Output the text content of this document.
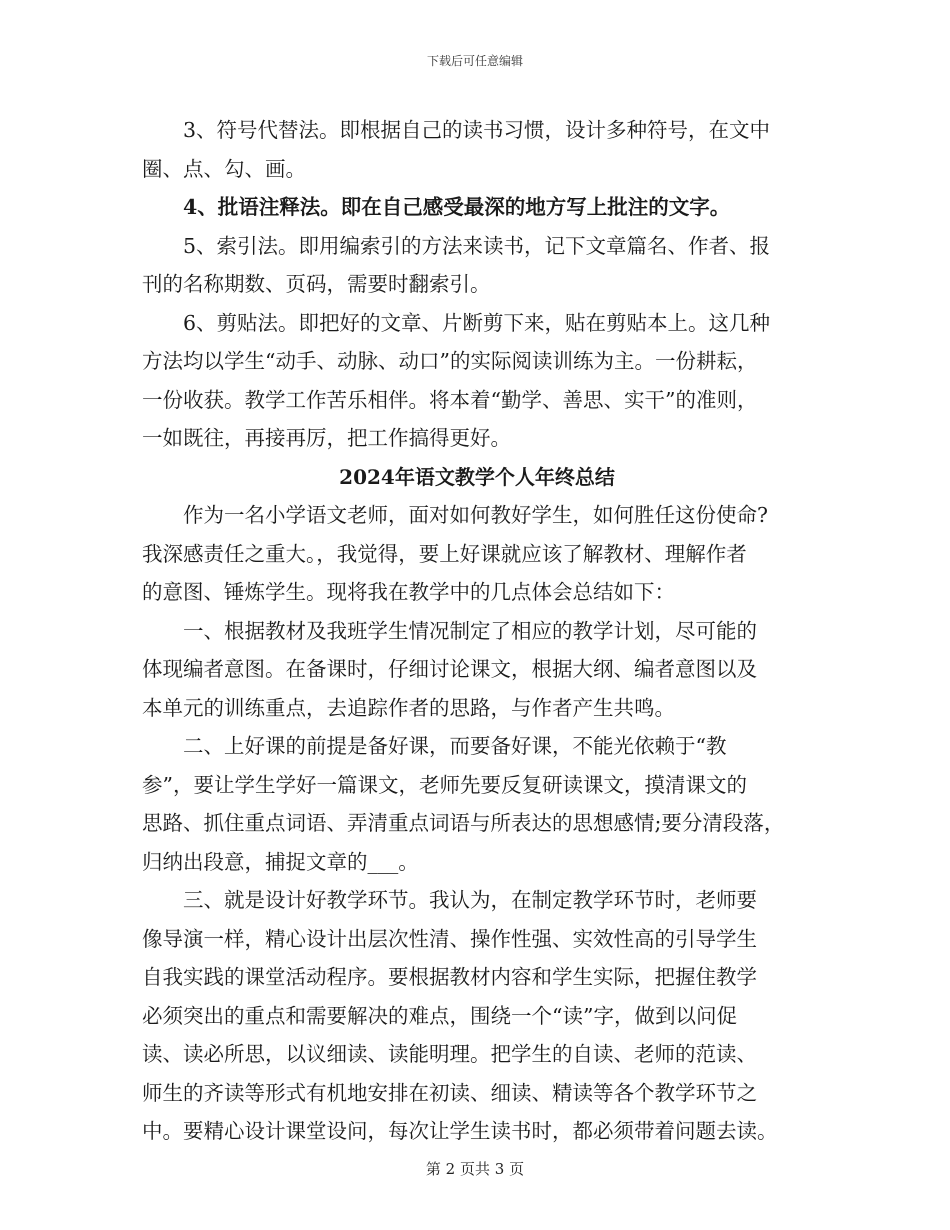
下载后可任意编辑

3、符号代替法。即根据自己的读书习惯，设计多种符号，在文中

圈、点、勾、画。

4、批语注释法。即在自己感受最深的地方写上批注的文字。

5、索引法。即用编索引的方法来读书，记下文章篇名、作者、报

刊的名称期数、页码，需要时翻索引。

6、剪贴法。即把好的文章、片断剪下来，贴在剪贴本上。这几种

方法均以学生“动手、动脉、动口”的实际阅读训练为主。一份耕耘，

一份收获。教学工作苦乐相伴。将本着“勤学、善思、实干”的准则，

一如既往，再接再厉，把工作搞得更好。

2024年语文教学个人年终总结

作为一名小学语文老师，面对如何教好学生，如何胜任这份使命?

我深感责任之重大。，我觉得，要上好课就应该了解教材、理解作者

的意图、锤炼学生。现将我在教学中的几点体会总结如下：

一、根据教材及我班学生情况制定了相应的教学计划，尽可能的

体现编者意图。在备课时，仔细讨论课文，根据大纲、编者意图以及

本单元的训练重点，去追踪作者的思路，与作者产生共鸣。

二、上好课的前提是备好课，而要备好课，不能光依赖于“教

参”，要让学生学好一篇课文，老师先要反复研读课文，摸清课文的

思路、抓住重点词语、弄清重点词语与所表达的思想感情;要分清段落，

归纳出段意，捕捉文章的___。

三、就是设计好教学环节。我认为，在制定教学环节时，老师要

像导演一样，精心设计出层次性清、操作性强、实效性高的引导学生

自我实践的课堂活动程序。要根据教材内容和学生实际，把握住教学

必须突出的重点和需要解决的难点，围绕一个“读”字，做到以问促

读、读必所思，以议细读、读能明理。把学生的自读、老师的范读、

师生的齐读等形式有机地安排在初读、细读、精读等各个教学环节之

中。要精心设计课堂设问，每次让学生读书时，都必须带着问题去读。

第 2 页共 3 页
